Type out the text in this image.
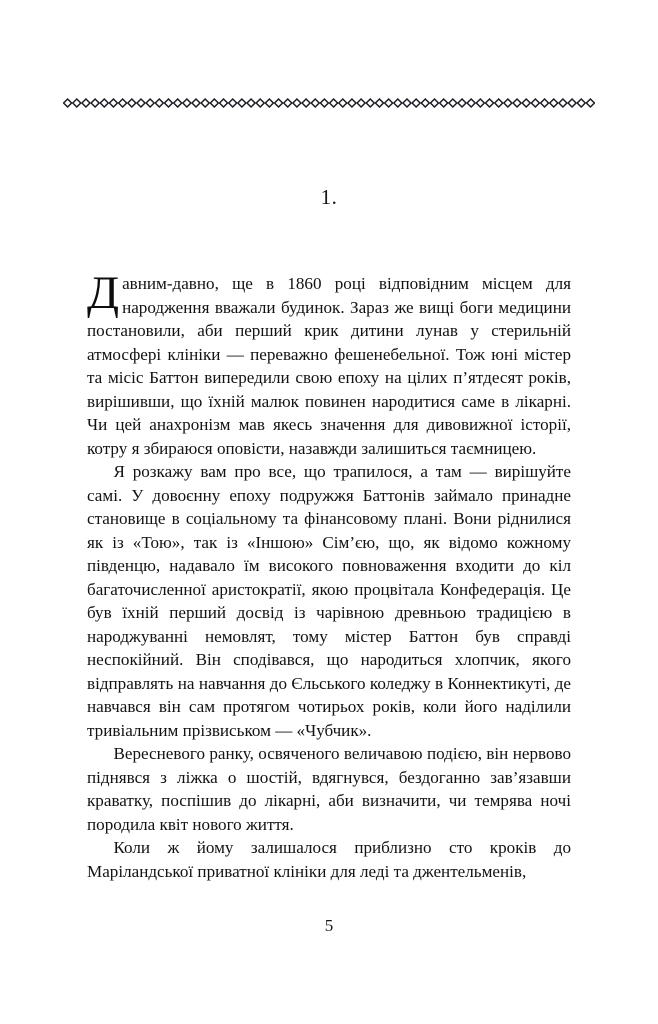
1.

Давним-давно, ще в 1860 році відповідним місцем для народження вважали будинок. Зараз же вищі боги медицини постановили, аби перший крик дитини лунав у стерильній атмосфері клініки — переважно фешенебельної. Тож юні містер та місіс Баттон випередили свою епоху на цілих п’ятдесят років, вирішивши, що їхній малюк повинен народитися саме в лікарні. Чи цей анахронізм мав якесь значення для дивовижної історії, котру я збираюся оповісти, назавжди залишиться таємницею.

Я розкажу вам про все, що трапилося, а там — вирішуйте самі. У довоєнну епоху подружжя Баттонів займало принадне становище в соціальному та фінансовому плані. Вони ріднилися як із «Тою», так із «Іншою» Сім’єю, що, як відомо кожному південцю, надавало їм високого повноваження входити до кіл багаточисленної аристократії, якою процвітала Конфедерація. Це був їхній перший досвід із чарівною древньою традицією в народжуванні немовлят, тому містер Баттон був справді неспокійний. Він сподівався, що народиться хлопчик, якого відправлять на навчання до Єльського коледжу в Коннектикуті, де навчався він сам протягом чотирьох років, коли його наділили тривіальним прізвиськом — «Чубчик».

Вересневого ранку, освяченого величавою подією, він нервово піднявся з ліжка о шостій, вдягнувся, бездоганно зав’язавши краватку, поспішив до лікарні, аби визначити, чи темрява ночі породила квіт нового життя.

Коли ж йому залишалося приблизно сто кроків до Маріландської приватної клініки для леді та джентельменів,

5
